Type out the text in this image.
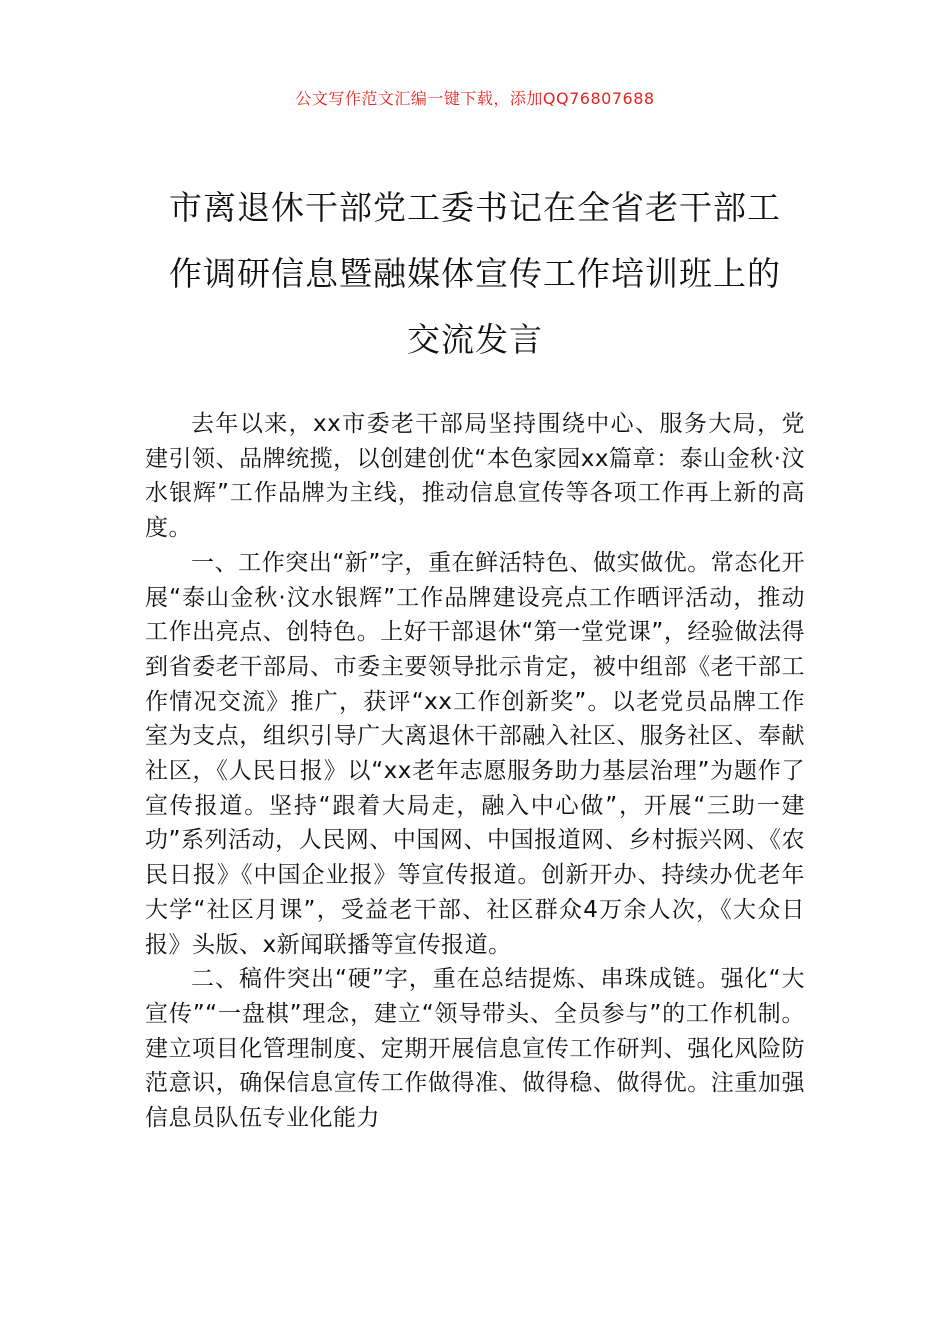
公文写作范文汇编一键下载，添加QQ76807688
市离退休干部党工委书记在全省老干部工
作调研信息暨融媒体宣传工作培训班上的
交流发言

去年以来，xx市委老干部局坚持围绕中心、服务大局，党建引领、品牌统揽，以创建创优“本色家园xx篇章：泰山金秋·汶水银辉”工作品牌为主线，推动信息宣传等各项工作再上新的高度。

一、工作突出“新”字，重在鲜活特色、做实做优。常态化开展“泰山金秋·汶水银辉”工作品牌建设亮点工作晒评活动，推动工作出亮点、创特色。上好干部退休“第一堂党课”，经验做法得到省委老干部局、市委主要领导批示肯定，被中组部《老干部工作情况交流》推广，获评“xx工作创新奖”。以老党员品牌工作室为支点，组织引导广大离退休干部融入社区、服务社区、奉献社区，《人民日报》以“xx老年志愿服务助力基层治理”为题作了宣传报道。坚持“跟着大局走，融入中心做”，开展“三助一建功”系列活动，人民网、中国网、中国报道网、乡村振兴网、《农民日报》《中国企业报》等宣传报道。创新开办、持续办优老年大学“社区月课”，受益老干部、社区群众4万余人次，《大众日报》头版、x新闻联播等宣传报道。

二、稿件突出“硬”字，重在总结提炼、串珠成链。强化“大宣传”“一盘棋”理念，建立“领导带头、全员参与”的工作机制。建立项目化管理制度、定期开展信息宣传工作研判、强化风险防范意识，确保信息宣传工作做得准、做得稳、做得优。注重加强信息员队伍专业化能力
